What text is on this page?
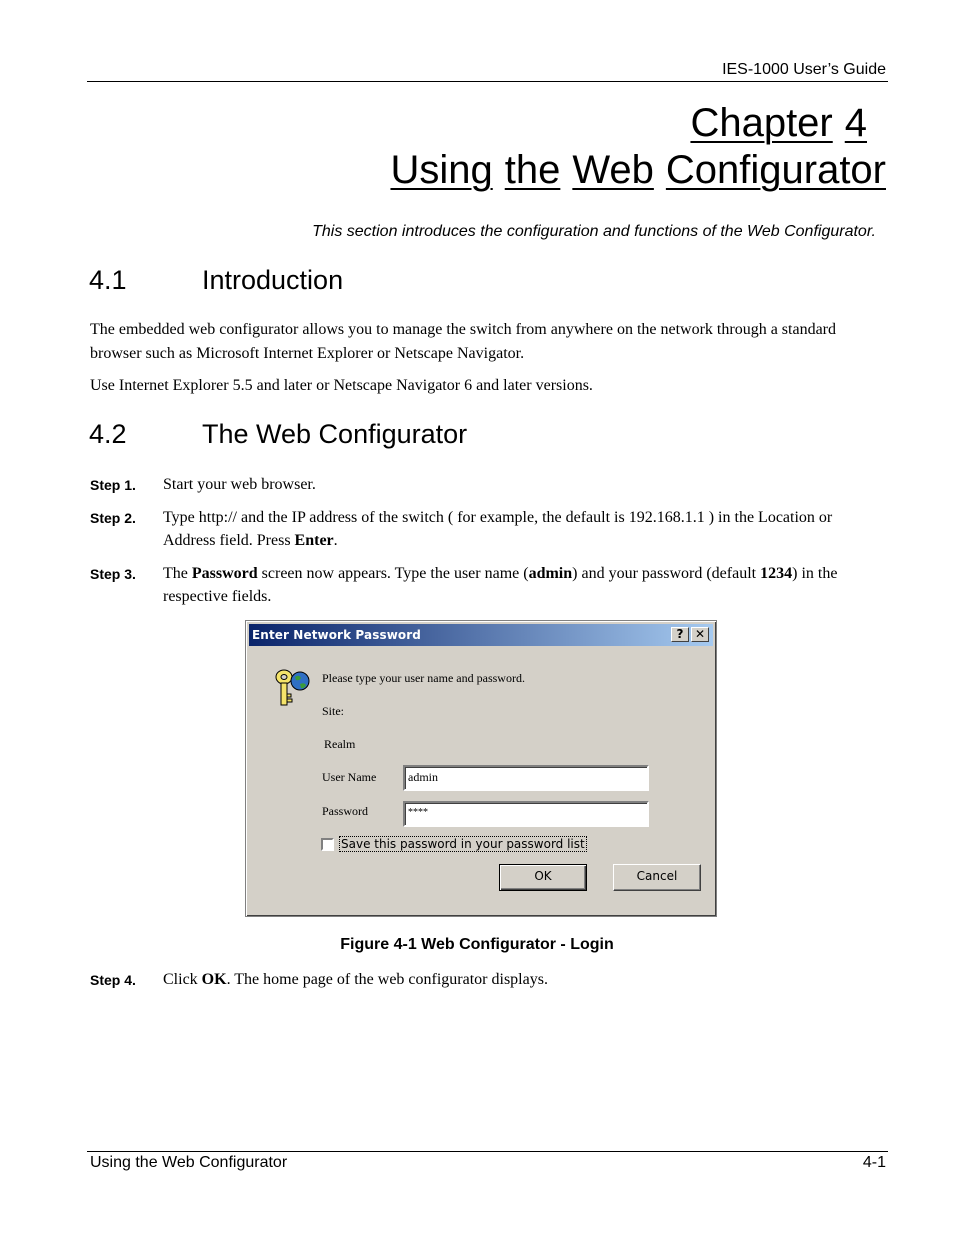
IES-1000 User’s Guide
Chapter 4
Using the Web Configurator
This section introduces the configuration and functions of the Web Configurator.
4.1	Introduction
The embedded web configurator allows you to manage the switch from anywhere on the network through a standard browser such as Microsoft Internet Explorer or Netscape Navigator.
Use Internet Explorer 5.5 and later or Netscape Navigator 6 and later versions.
4.2	The Web Configurator
Step 1. Start your web browser.
Step 2. Type http:// and the IP address of the switch ( for example, the default is 192.168.1.1 ) in the Location or Address field. Press Enter.
Step 3. The Password screen now appears. Type the user name (admin) and your password (default 1234) in the respective fields.
Enter Network Password	? ✕
Please type your user name and password.
Site:
Realm
User Name	admin
Password	****
Save this password in your password list
OK	Cancel
Figure 4-1 Web Configurator - Login
Step 4. Click OK. The home page of the web configurator displays.
Using the Web Configurator	4-1
